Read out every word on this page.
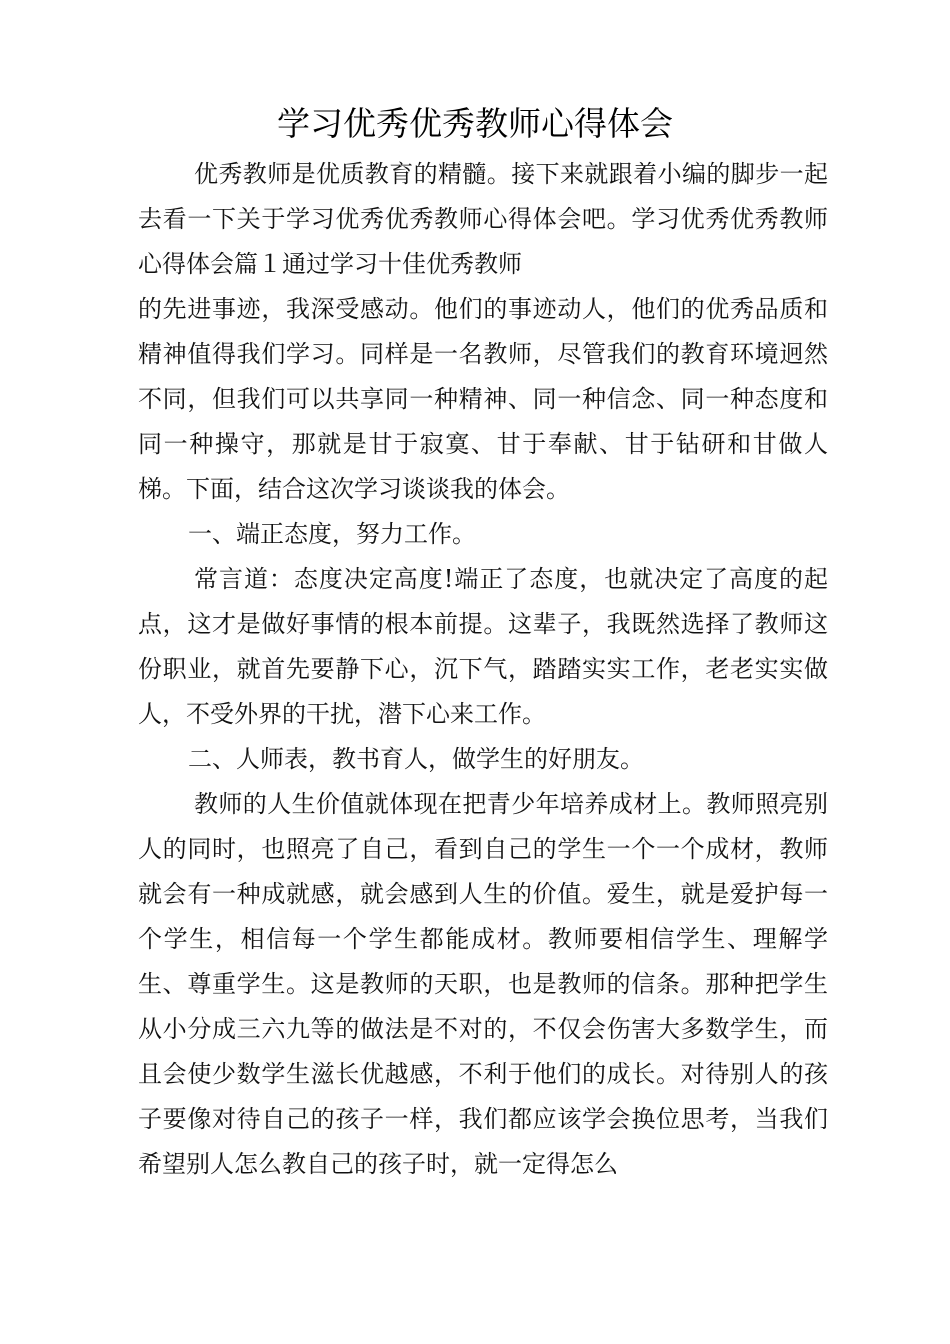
学习优秀优秀教师心得体会

优秀教师是优质教育的精髓。接下来就跟着小编的脚步一起去看一下关于学习优秀优秀教师心得体会吧。学习优秀优秀教师心得体会篇１通过学习十佳优秀教师

的先进事迹，我深受感动。他们的事迹动人，他们的优秀品质和精神值得我们学习。同样是一名教师，尽管我们的教育环境迥然不同，但我们可以共享同一种精神、同一种信念、同一种态度和同一种操守，那就是甘于寂寞、甘于奉献、甘于钻研和甘做人梯。下面，结合这次学习谈谈我的体会。

一、端正态度，努力工作。

常言道：态度决定高度!端正了态度，也就决定了高度的起点，这才是做好事情的根本前提。这辈子，我既然选择了教师这份职业，就首先要静下心，沉下气，踏踏实实工作，老老实实做人，不受外界的干扰，潜下心来工作。

二、人师表，教书育人，做学生的好朋友。

教师的人生价值就体现在把青少年培养成材上。教师照亮别人的同时，也照亮了自己，看到自己的学生一个一个成材，教师就会有一种成就感，就会感到人生的价值。爱生，就是爱护每一个学生，相信每一个学生都能成材。教师要相信学生、理解学生、尊重学生。这是教师的天职，也是教师的信条。那种把学生从小分成三六九等的做法是不对的，不仅会伤害大多数学生，而且会使少数学生滋长优越感，不利于他们的成长。对待别人的孩子要像对待自己的孩子一样，我们都应该学会换位思考，当我们希望别人怎么教自己的孩子时，就一定得怎么
